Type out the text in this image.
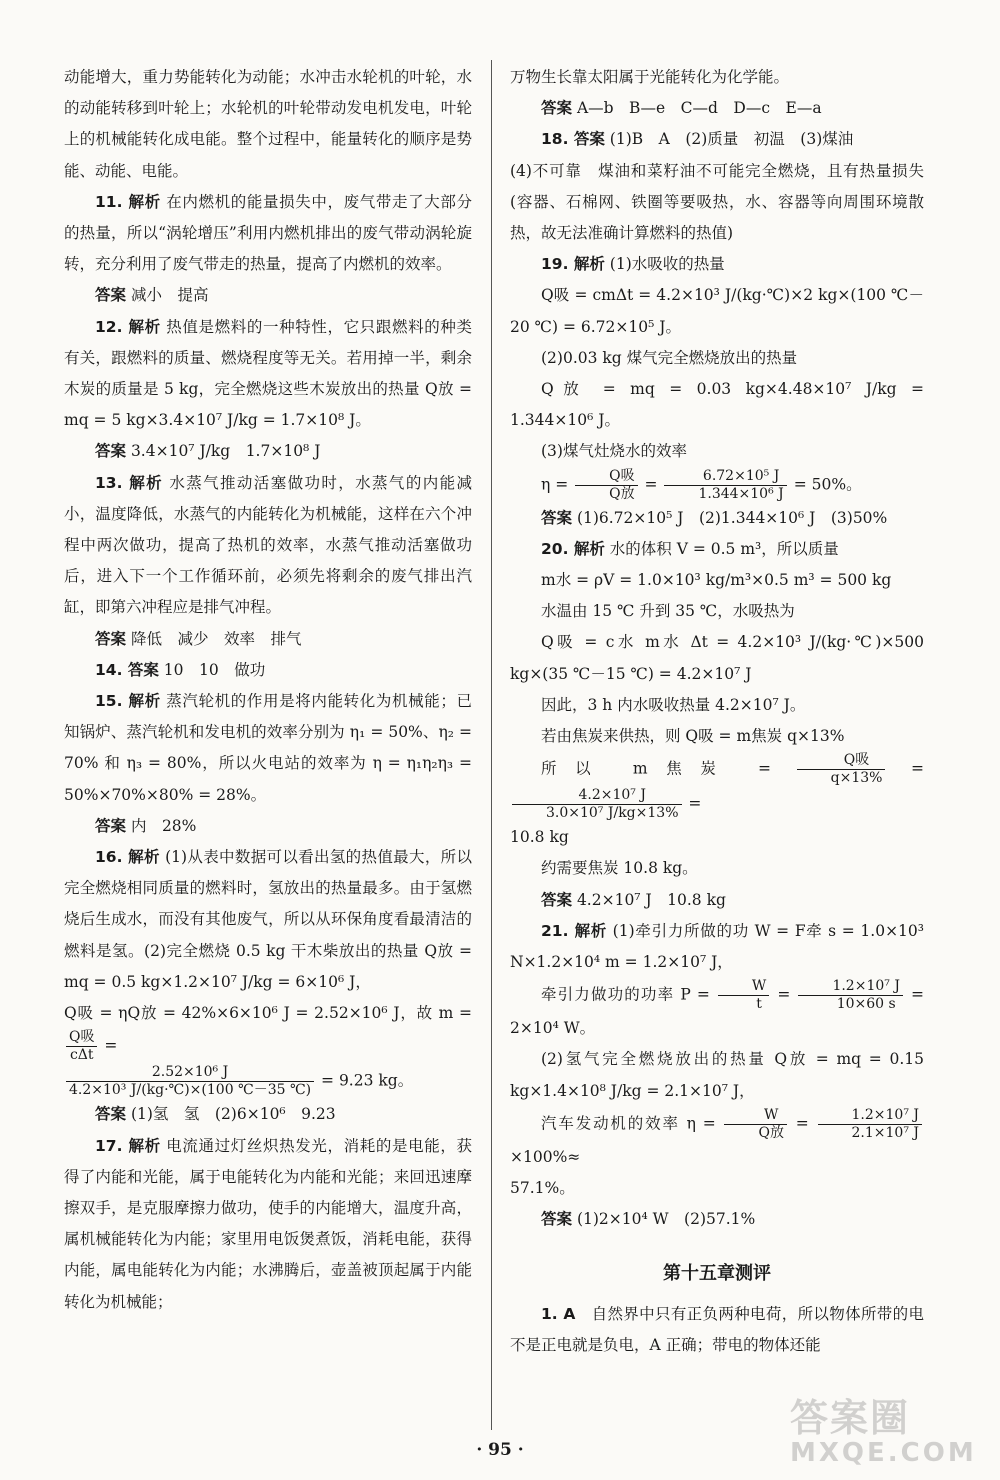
动能增大，重力势能转化为动能；水冲击水轮机的叶轮，水的动能转移到叶轮上；水轮机的叶轮带动发电机发电，叶轮上的机械能转化成电能。整个过程中，能量转化的顺序是势能、动能、电能。

11. 解析 在内燃机的能量损失中，废气带走了大部分的热量，所以“涡轮增压”利用内燃机排出的废气带动涡轮旋转，充分利用了废气带走的热量，提高了内燃机的效率。

答案 减小　提高

12. 解析 热值是燃料的一种特性，它只跟燃料的种类有关，跟燃料的质量、燃烧程度等无关。若用掉一半，剩余木炭的质量是 5 kg，完全燃烧这些木炭放出的热量 Q放 = mq = 5 kg×3.4×10⁷ J/kg = 1.7×10⁸ J。

答案 3.4×10⁷ J/kg　1.7×10⁸ J

13. 解析 水蒸气推动活塞做功时，水蒸气的内能减小，温度降低，水蒸气的内能转化为机械能，这样在六个冲程中两次做功，提高了热机的效率，水蒸气推动活塞做功后，进入下一个工作循环前，必须先将剩余的废气排出汽缸，即第六冲程应是排气冲程。

答案 降低　减少　效率　排气

14. 答案 10　10　做功

15. 解析 蒸汽轮机的作用是将内能转化为机械能；已知锅炉、蒸汽轮机和发电机的效率分别为 η₁ = 50%、η₂ = 70% 和 η₃ = 80%，所以火电站的效率为 η = η₁η₂η₃ = 50%×70%×80% = 28%。

答案 内　28%

16. 解析 (1)从表中数据可以看出氢的热值最大，所以完全燃烧相同质量的燃料时，氢放出的热量最多。由于氢燃烧后生成水，而没有其他废气，所以从环保角度看最清洁的燃料是氢。(2)完全燃烧 0.5 kg 干木柴放出的热量 Q放 = mq = 0.5 kg×1.2×10⁷ J/kg = 6×10⁶ J，

Q吸 = ηQ放 = 42%×6×10⁶ J = 2.52×10⁶ J，故 m =
Q吸
cΔt
=

$\frac{\text{2.52×10⁶ J}}{\text{4.2×10³ J/(kg·℃)×(100 ℃－35 ℃)}} = 9.23$ kg。

答案 (1)氢　氢　(2)6×10⁶　9.23

17. 解析 电流通过灯丝炽热发光，消耗的是电能，获得了内能和光能，属于电能转化为内能和光能；来回迅速摩擦双手，是克服摩擦力做功，使手的内能增大，温度升高，属机械能转化为内能；家里用电饭煲煮饭，消耗电能，获得内能，属电能转化为内能；水沸腾后，壶盖被顶起属于内能转化为机械能；

万物生长靠太阳属于光能转化为化学能。

答案 A—b　B—e　C—d　D—c　E—a

18. 答案 (1)B　A　(2)质量　初温　(3)煤油

(4)不可靠　煤油和菜籽油不可能完全燃烧，且有热量损失(容器、石棉网、铁圈等要吸热，水、容器等向周围环境散热，故无法准确计算燃料的热值)

19. 解析 (1)水吸收的热量

Q吸 = cmΔt = 4.2×10³ J/(kg·℃)×2 kg×(100 ℃－20 ℃) = 6.72×10⁵ J。

(2)0.03 kg 煤气完全燃烧放出的热量

Q放 = mq = 0.03 kg×4.48×10⁷ J/kg = 1.344×10⁶ J。

(3)煤气灶烧水的效率

η =	Q吸
Q放
= $\frac{\text{6.72×10⁵ J}}{\text{1.344×10⁶ J}} = 50\%$。

答案 (1)6.72×10⁵ J　(2)1.344×10⁶ J　(3)50%

20. 解析 水的体积 V = 0.5 m³，所以质量

m水 = ρV = 1.0×10³ kg/m³×0.5 m³ = 500 kg

水温由 15 ℃ 升到 35 ℃，水吸热为

Q吸 = c水 m水 Δt = 4.2×10³ J/(kg·℃)×500 kg×(35 ℃－15 ℃) = 4.2×10⁷ J

因此，3 h 内水吸收热量 4.2×10⁷ J。

若由焦炭来供热，则 Q吸 = m焦炭 q×13%

所以 m焦炭 =	Q吸
q×13%
=
$\frac{\text{4.2×10⁷ J}}{\text{3.0×10⁷ J/kg×13\%}}$ =

10.8 kg

约需要焦炭 10.8 kg。

答案 4.2×10⁷ J　10.8 kg

21. 解析 (1)牵引力所做的功 W = F牵 s = 1.0×10³ N×1.2×10⁴ m = 1.2×10⁷ J，

牵引力做功的功率 $P = \frac{W}{t} = \frac{\text{1.2×10⁷ J}}{10\times 60 s} = 2\times 10^4$ W。

(2)氢气完全燃烧放出的热量 Q放 = mq = 0.15 kg×1.4×10⁸ J/kg = 2.1×10⁷ J，

汽车发动机的效率 η =	W
Q放
= $\frac{\text{1.2×10⁷ J}}{\text{2.1×10⁷ J}}$
×100%≈

57.1%。

答案 (1)2×10⁴ W　(2)57.1%

第十五章测评

1. A　自然界中只有正负两种电荷，所以物体所带的电不是正电就是负电，A 正确；带电的物体还能

· 95 ·
答案圈
MXQE.COM
